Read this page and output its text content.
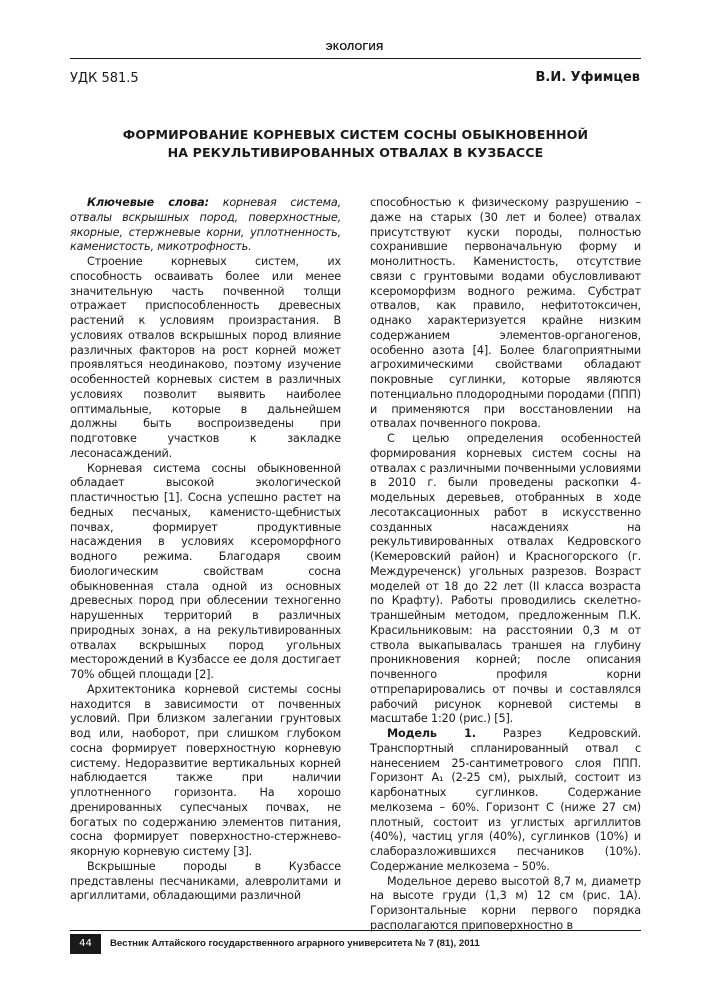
ЭКОЛОГИЯ
УДК 581.5	В.И. Уфимцев
ФОРМИРОВАНИЕ КОРНЕВЫХ СИСТЕМ СОСНЫ ОБЫКНОВЕННОЙ
НА РЕКУЛЬТИВИРОВАННЫХ ОТВАЛАХ В КУЗБАССЕ

Ключевые слова: корневая система, отвалы вскрышных пород, поверхностные, якорные, стержневые корни, уплотненность, каменистость, микотрофность.

Строение корневых систем, их способность осваивать более или менее значительную часть почвенной толщи отражает приспособленность древесных растений к условиям произрастания. В условиях отвалов вскрышных пород влияние различных факторов на рост корней может проявляться неодинаково, поэтому изучение особенностей корневых систем в различных условиях позволит выявить наиболее оптимальные, которые в дальнейшем должны быть воспроизведены при подготовке участков к закладке лесонасаждений.

Корневая система сосны обыкновенной обладает высокой экологической пластичностью [1]. Сосна успешно растет на бедных песчаных, каменисто-щебнистых почвах, формирует продуктивные насаждения в условиях ксероморфного водного режима. Благодаря своим биологическим свойствам сосна обыкновенная стала одной из основных древесных пород при облесении техногенно нарушенных территорий в различных природных зонах, а на рекультивированных отвалах вскрышных пород угольных месторождений в Кузбассе ее доля достигает 70% общей площади [2].

Архитектоника корневой системы сосны находится в зависимости от почвенных условий. При близком залегании грунтовых вод или, наоборот, при слишком глубоком сосна формирует поверхностную корневую систему. Недоразвитие вертикальных корней наблюдается также при наличии уплотненного горизонта. На хорошо дренированных супесчаных почвах, не богатых по содержанию элементов питания, сосна формирует поверхностно-стержнево-якорную корневую систему [3].

Вскрышные породы в Кузбассе представлены песчаниками, алевролитами и аргиллитами, обладающими различной

способностью к физическому разрушению – даже на старых (30 лет и более) отвалах присутствуют куски породы, полностью сохранившие первоначальную форму и монолитность. Каменистость, отсутствие связи с грунтовыми водами обусловливают ксероморфизм водного режима. Субстрат отвалов, как правило, нефитотоксичен, однако характеризуется крайне низким содержанием элементов-органогенов, особенно азота [4]. Более благоприятными агрохимическими свойствами обладают покровные суглинки, которые являются потенциально плодородными породами (ППП) и применяются при восстановлении на отвалах почвенного покрова.

С целью определения особенностей формирования корневых систем сосны на отвалах с различными почвенными условиями в 2010 г. были проведены раскопки 4-модельных деревьев, отобранных в ходе лесотаксационных работ в искусственно созданных насаждениях на рекультивированных отвалах Кедровского (Кемеровский район) и Красногорского (г. Междуреченск) угольных разрезов. Возраст моделей от 18 до 22 лет (II класса возраста по Крафту). Работы проводились скелетно-траншейным методом, предложенным П.К. Красильниковым: на расстоянии 0,3 м от ствола выкапывалась траншея на глубину проникновения корней; после описания почвенного профиля корни отпрепарировались от почвы и составлялся рабочий рисунок корневой системы в масштабе 1:20 (рис.) [5].

Модель 1. Разрез Кедровский. Транспортный спланированный отвал с нанесением 25-сантиметрового слоя ППП. Горизонт А₁ (2-25 см), рыхлый, состоит из карбонатных суглинков. Содержание мелкозема – 60%. Горизонт С (ниже 27 см) плотный, состоит из углистых аргиллитов (40%), частиц угля (40%), суглинков (10%) и слаборазложившихся песчаников (10%). Содержание мелкозема – 50%.

Модельное дерево высотой 8,7 м, диаметр на высоте груди (1,3 м) 12 см (рис. 1А). Горизонтальные корни первого порядка располагаются приповерхностно в

44	Вестник Алтайского государственного аграрного университета № 7 (81), 2011
